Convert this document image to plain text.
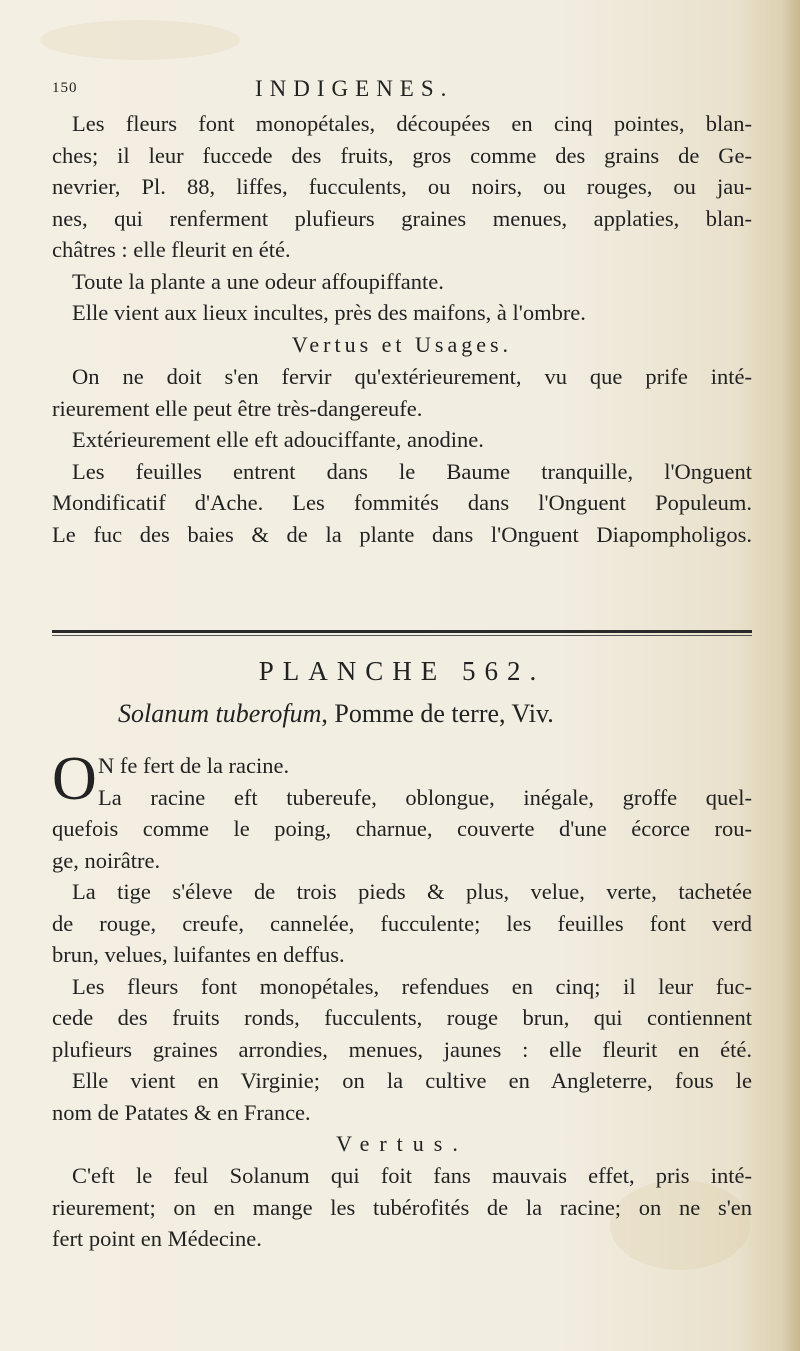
150	INDIGENES.
Les fleurs font monopétales, découpées en cinq pointes, blan-
ches; il leur fuccede des fruits, gros comme des grains de Ge-
nevrier, Pl. 88, liffes, fucculents, ou noirs, ou rouges, ou jau-
nes, qui renferment plufieurs graines menues, applaties, blan-
châtres : elle fleurit en été.
Toute la plante a une odeur affoupiffante.
Elle vient aux lieux incultes, près des maifons, à l'ombre.
Vertus et Usages.
On ne doit s'en fervir qu'extérieurement, vu que prife inté-
rieurement elle peut être très-dangereufe.
Extérieurement elle eft adouciffante, anodine.
Les feuilles entrent dans le Baume tranquille, l'Onguent
Mondificatif d'Ache. Les fommités dans l'Onguent Populeum.
Le fuc des baies & de la plante dans l'Onguent Diapompholigos.
PLANCHE 562.
Solanum tuberofum, Pomme de terre, Viv.
O N fe fert de la racine.
La racine eft tubereufe, oblongue, inégale, groffe quel-
quefois comme le poing, charnue, couverte d'une écorce rou-
ge, noirâtre.
La tige s'éleve de trois pieds & plus, velue, verte, tachetée
de rouge, creufe, cannelée, fucculente; les feuilles font verd
brun, velues, luifantes en deffus.
Les fleurs font monopétales, refendues en cinq; il leur fuc-
cede des fruits ronds, fucculents, rouge brun, qui contiennent
plufieurs graines arrondies, menues, jaunes : elle fleurit en été.
Elle vient en Virginie; on la cultive en Angleterre, fous le
nom de Patates & en France.
Vertus.
C'eft le feul Solanum qui foit fans mauvais effet, pris inté-
rieurement; on en mange les tubérofités de la racine; on ne s'en
fert point en Médecine.
